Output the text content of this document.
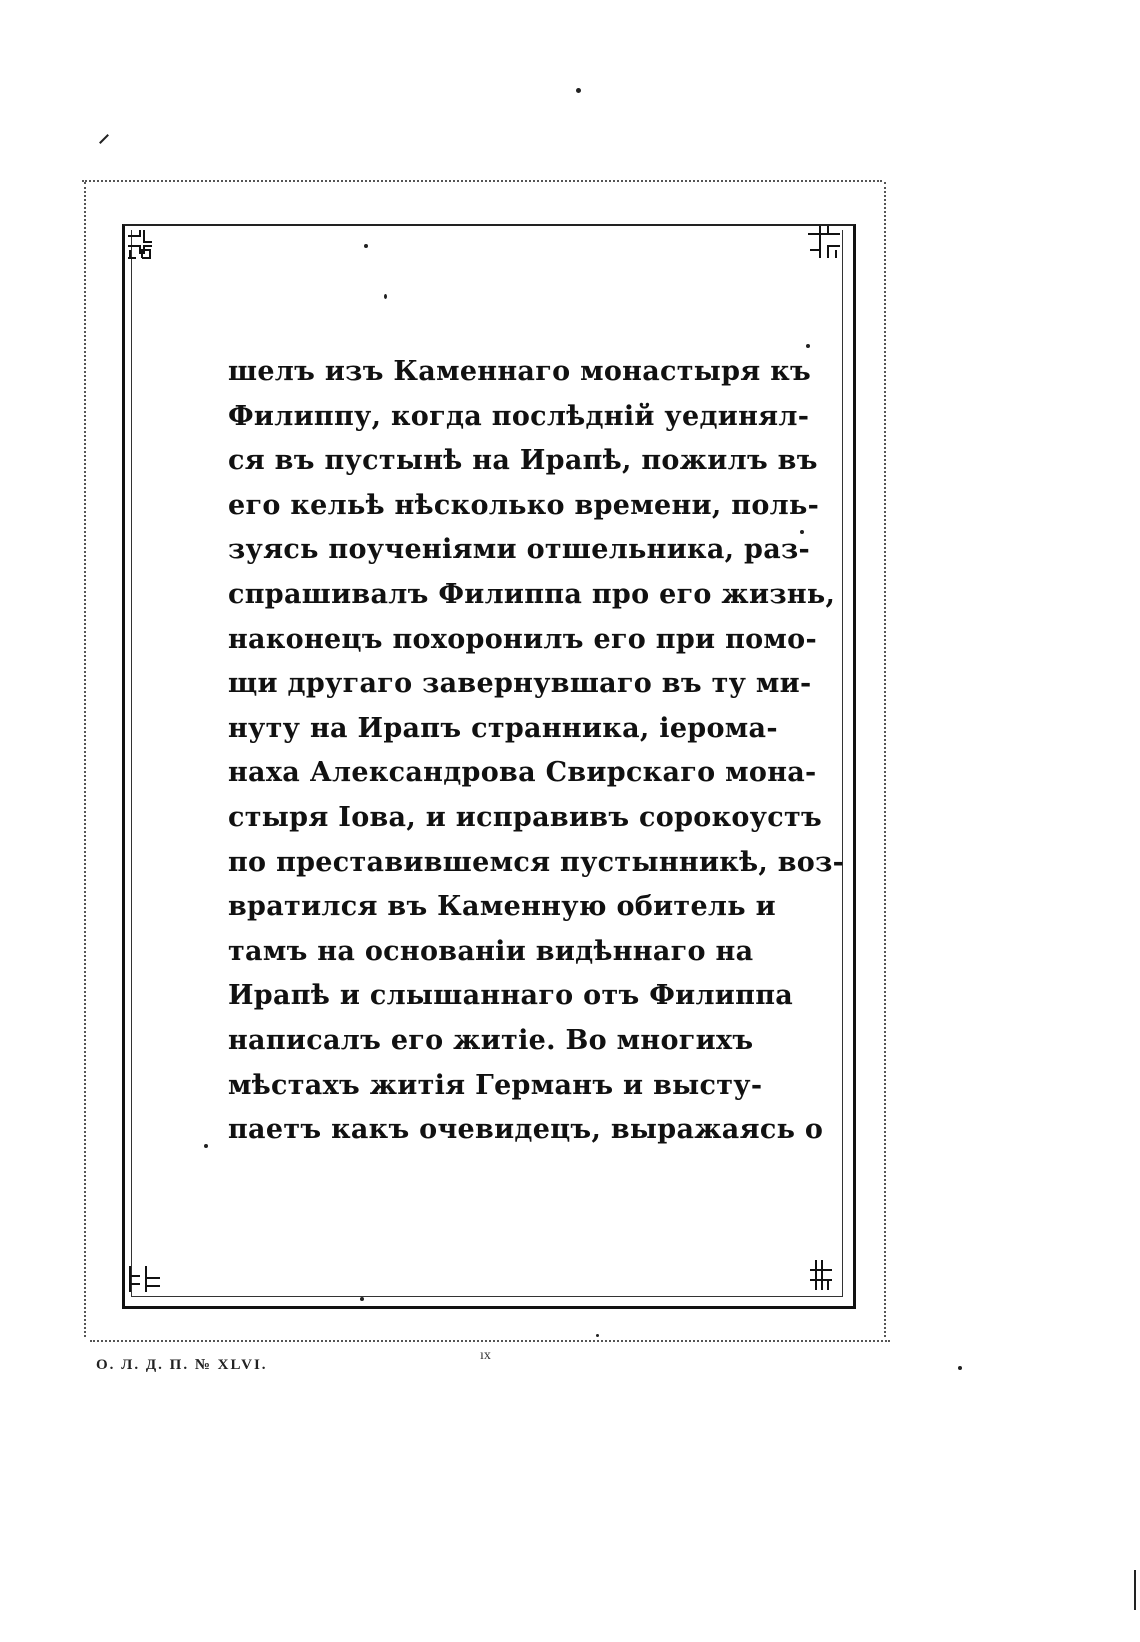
шелъ изъ Каменнаго монастыря къ
Филиппу, когда послѣдній уединял-
ся въ пустынѣ на Ирапѣ, пожилъ въ
его кельѣ нѣсколько времени, поль-
зуясь поученіями отшельника, раз-
спрашивалъ Филиппа про его жизнь,
наконецъ похоронилъ его при помо-
щи другаго завернувшаго въ ту ми-
нуту на Ирапъ странника, іерома-
наха Александрова Свирскаго мона-
стыря Іова, и исправивъ сорокоустъ
по преставившемся пустынникѣ, воз-
вратился въ Каменную обитель и
тамъ на основаніи видѣннаго на
Ирапѣ и слышаннаго отъ Филиппа
написалъ его житіе. Во многихъ
мѣстахъ житія Германъ и высту-
паетъ какъ очевидецъ, выражаясь о
О. Л. Д. П. № XLVI.
ıx
